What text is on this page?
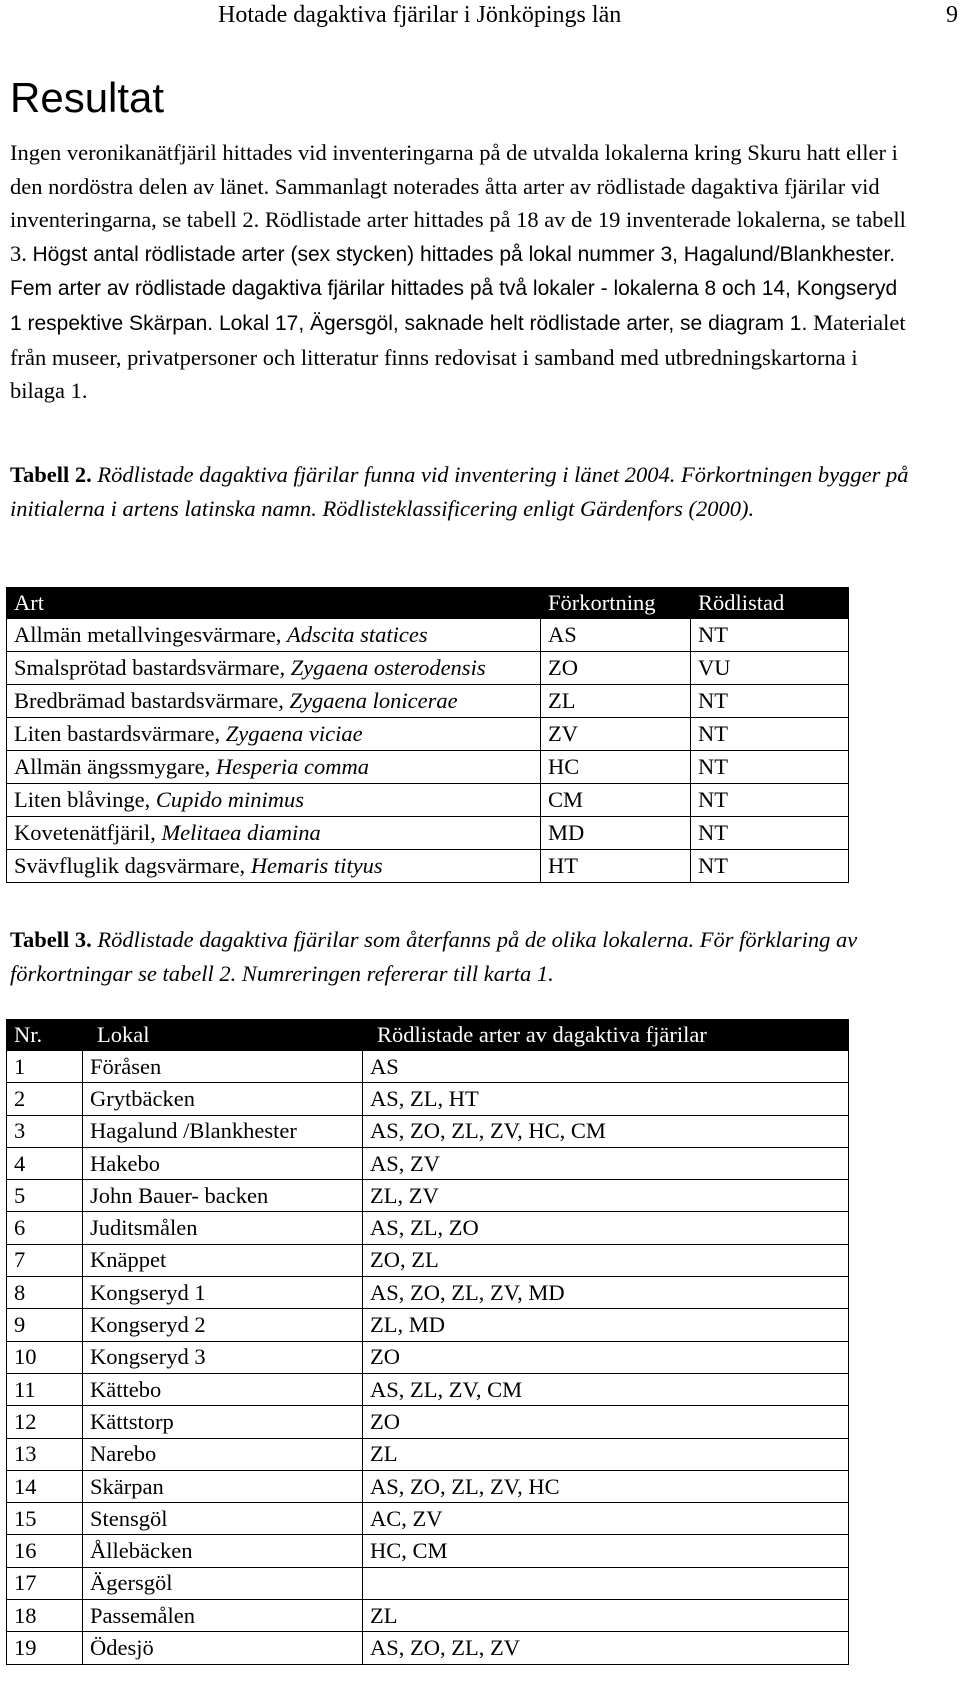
Hotade dagaktiva fjärilar i Jönköpings län	9
Resultat

Ingen veronikanätfjäril hittades vid inventeringarna på de utvalda lokalerna kring Skuru hatt eller i den nordöstra delen av länet. Sammanlagt noterades åtta arter av rödlistade dagaktiva fjärilar vid inventeringarna, se tabell 2. Rödlistade arter hittades på 18 av de 19 inventerade lokalerna, se tabell 3. Högst antal rödlistade arter (sex stycken) hittades på lokal nummer 3, Hagalund/Blankhester. Fem arter av rödlistade dagaktiva fjärilar hittades på två lokaler - lokalerna 8 och 14, Kongseryd 1 respektive Skärpan. Lokal 17, Ägersgöl, saknade helt rödlistade arter, se diagram 1. Materialet från museer, privatpersoner och litteratur finns redovisat i samband med utbredningskartorna i bilaga 1.

Tabell 2. Rödlistade dagaktiva fjärilar funna vid inventering i länet 2004. Förkortningen bygger på initialerna i artens latinska namn. Rödlisteklassificering enligt Gärdenfors (2000).
Art	Förkortning	Rödlistad
Allmän metallvingesvärmare, Adscita statices	AS	NT
Smalsprötad bastardsvärmare, Zygaena osterodensis	ZO	VU
Bredbrämad bastardsvärmare, Zygaena lonicerae	ZL	NT
Liten bastardsvärmare, Zygaena viciae	ZV	NT
Allmän ängssmygare, Hesperia comma	HC	NT
Liten blåvinge, Cupido minimus	CM	NT
Kovetenätfjäril, Melitaea diamina	MD	NT
Svävfluglik dagsvärmare, Hemaris tityus	HT	NT
Tabell 3. Rödlistade dagaktiva fjärilar som återfanns på de olika lokalerna. För förklaring av förkortningar se tabell 2. Numreringen refererar till karta 1.
Nr.	Lokal	Rödlistade arter av dagaktiva fjärilar
1	Föråsen	AS
2	Grytbäcken	AS, ZL, HT
3	Hagalund /Blankhester	AS, ZO, ZL, ZV, HC, CM
4	Hakebo	AS, ZV
5	John Bauer- backen	ZL, ZV
6	Juditsmålen	AS, ZL, ZO
7	Knäppet	ZO, ZL
8	Kongseryd 1	AS, ZO, ZL, ZV, MD
9	Kongseryd 2	ZL, MD
10	Kongseryd 3	ZO
11	Kättebo	AS, ZL, ZV, CM
12	Kättstorp	ZO
13	Narebo	ZL
14	Skärpan	AS, ZO, ZL, ZV, HC
15	Stensgöl	AC, ZV
16	Ållebäcken	HC, CM
17	Ägersgöl	
18	Passemålen	ZL
19	Ödesjö	AS, ZO, ZL, ZV
